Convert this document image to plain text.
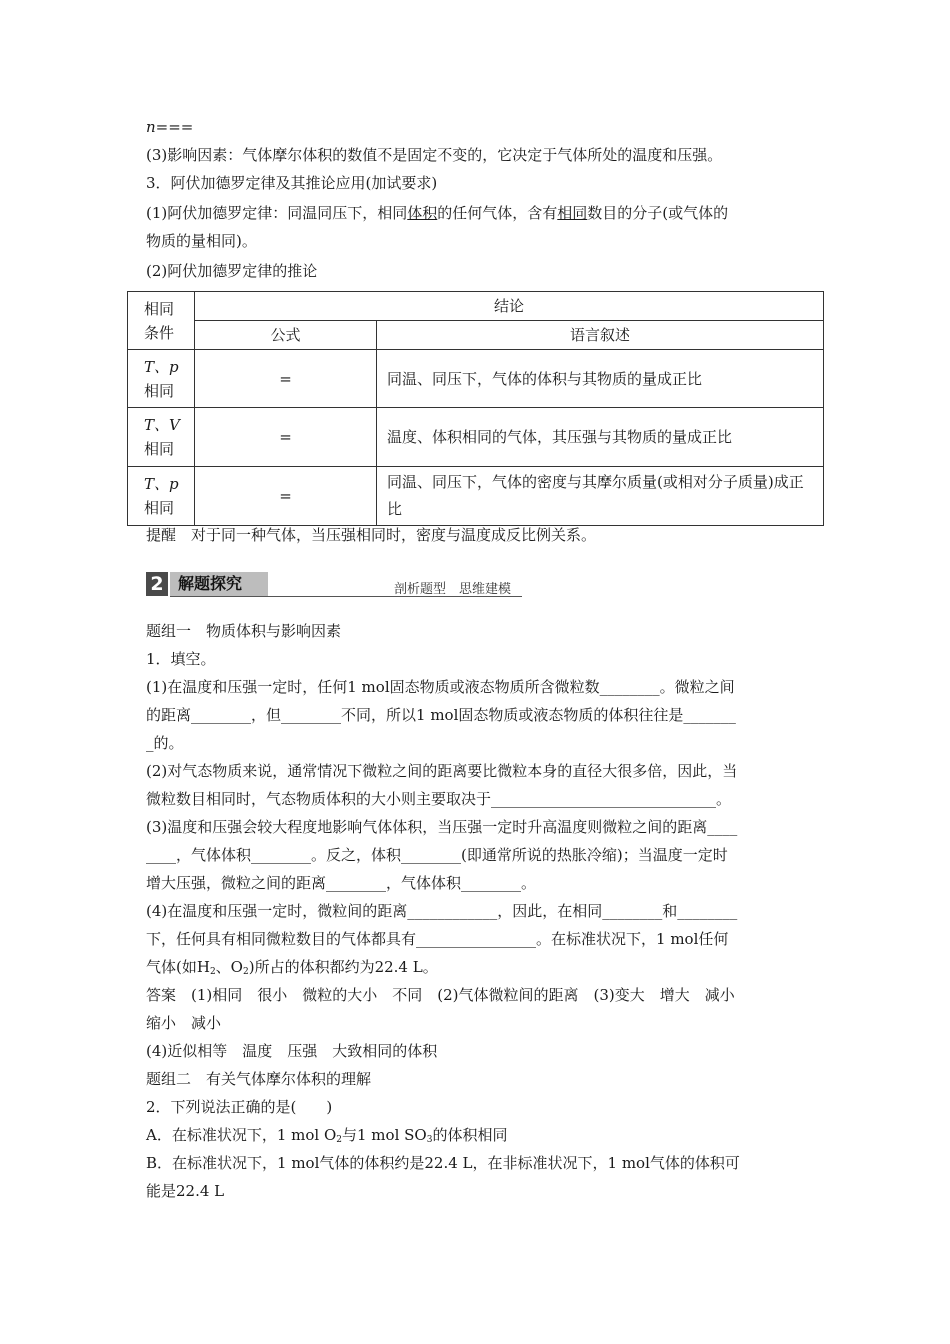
n===
(3)影响因素：气体摩尔体积的数值不是固定不变的，它决定于气体所处的温度和压强。
3．阿伏加德罗定律及其推论应用(加试要求)
(1)阿伏加德罗定律：同温同压下，相同体积的任何气体，含有相同数目的分子(或气体的
物质的量相同)。
(2)阿伏加德罗定律的推论
相同
条件	结论	
	公式	语言叙述

T、p
相同	=	同温、同压下，气体的体积与其物质的量成正比

T、V
相同	=	温度、体积相同的气体，其压强与其物质的量成正比

T、p
相同	=	同温、同压下，气体的密度与其摩尔质量(或相对分子质量)成正比
提醒　对于同一种气体，当压强相同时，密度与温度成反比例关系。
2 解题探究	剖析题型　思维建模
题组一　物质体积与影响因素
1．填空。
(1)在温度和压强一定时，任何1 mol固态物质或液态物质所含微粒数________。微粒之间
的距离________，但________不同，所以1 mol固态物质或液态物质的体积往往是_______
_的。
(2)对气态物质来说，通常情况下微粒之间的距离要比微粒本身的直径大很多倍，因此，当
微粒数目相同时，气态物质体积的大小则主要取决于______________________________。
(3)温度和压强会较大程度地影响气体体积，当压强一定时升高温度则微粒之间的距离____
____，气体体积________。反之，体积________(即通常所说的热胀冷缩)；当温度一定时
增大压强，微粒之间的距离________，气体体积________。
(4)在温度和压强一定时，微粒间的距离____________，因此，在相同________和________
下，任何具有相同微粒数目的气体都具有________________。在标准状况下，1 mol任何
气体(如$H_2$、$O_2$)所占的体积都约为22.4 L。
答案　(1)相同　很小　微粒的大小　不同　(2)气体微粒间的距离　(3)变大　增大　减小
缩小　减小
(4)近似相等　温度　压强　大致相同的体积
题组二　有关气体摩尔体积的理解
2．下列说法正确的是(　　)
A．在标准状况下，1 mol $O_2$与1 mol $SO_3$的体积相同
B．在标准状况下，1 mol气体的体积约是22.4 L，在非标准状况下，1 mol气体的体积可
能是22.4 L
